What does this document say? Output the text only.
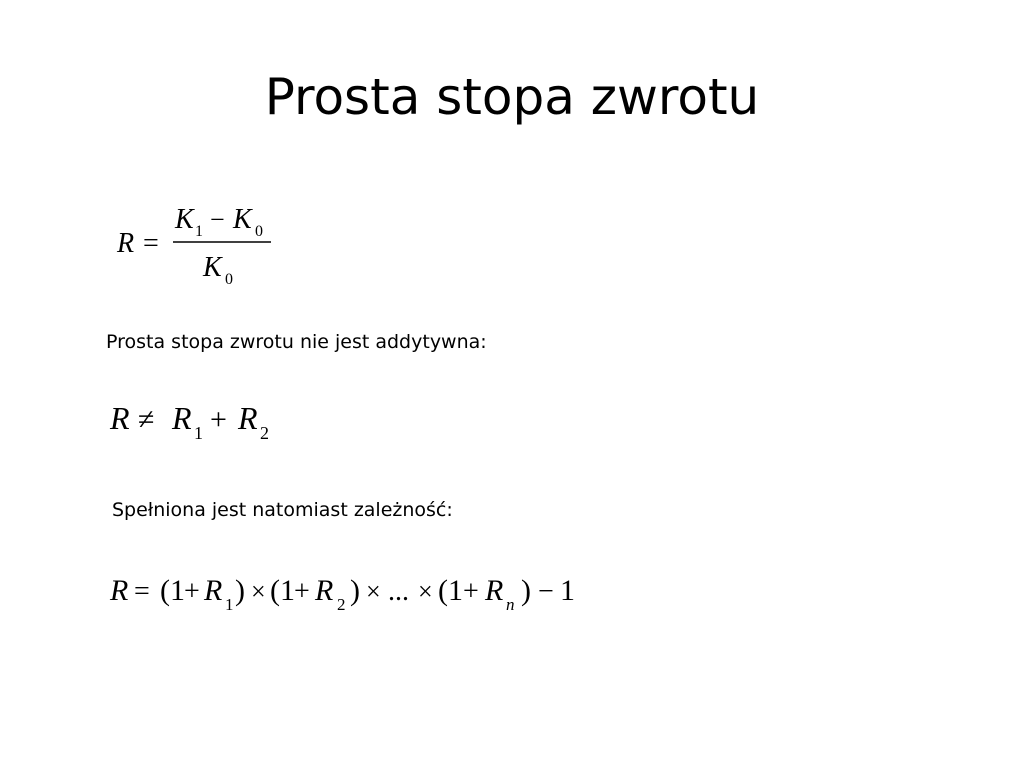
Prosta stopa zwrotu
R =
K 1 − K 0
K 0

Prosta stopa zwrotu nie jest addytywna:

R ≠ R 1 + R 2

Spełniona jest natomiast zależność:

R = (1 + R 1 ) × (1 + R 2 ) × ... × (1 + R n ) − 1
